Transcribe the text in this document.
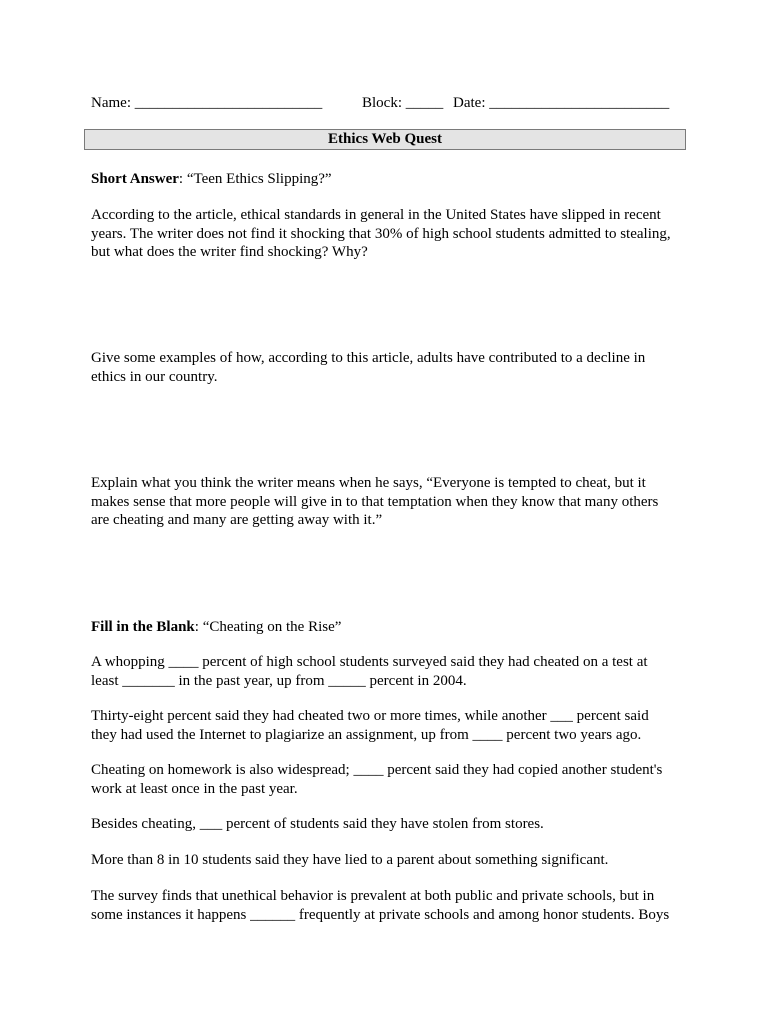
Name: _________________________	Block: _____ Date: ________________________
Ethics Web Quest
Short Answer: “Teen Ethics Slipping?”
According to the article, ethical standards in general in the United States have slipped in recent
years. The writer does not find it shocking that 30% of high school students admitted to stealing,
but what does the writer find shocking? Why?
Give some examples of how, according to this article, adults have contributed to a decline in
ethics in our country.
Explain what you think the writer means when he says, “Everyone is tempted to cheat, but it
makes sense that more people will give in to that temptation when they know that many others
are cheating and many are getting away with it.”
Fill in the Blank: “Cheating on the Rise”
A whopping ____ percent of high school students surveyed said they had cheated on a test at
least _______ in the past year, up from _____ percent in 2004.
Thirty-eight percent said they had cheated two or more times, while another ___ percent said
they had used the Internet to plagiarize an assignment, up from ____ percent two years ago.
Cheating on homework is also widespread; ____ percent said they had copied another student's
work at least once in the past year.
Besides cheating, ___ percent of students said they have stolen from stores.
More than 8 in 10 students said they have lied to a parent about something significant.
The survey finds that unethical behavior is prevalent at both public and private schools, but in
some instances it happens ______ frequently at private schools and among honor students. Boys
